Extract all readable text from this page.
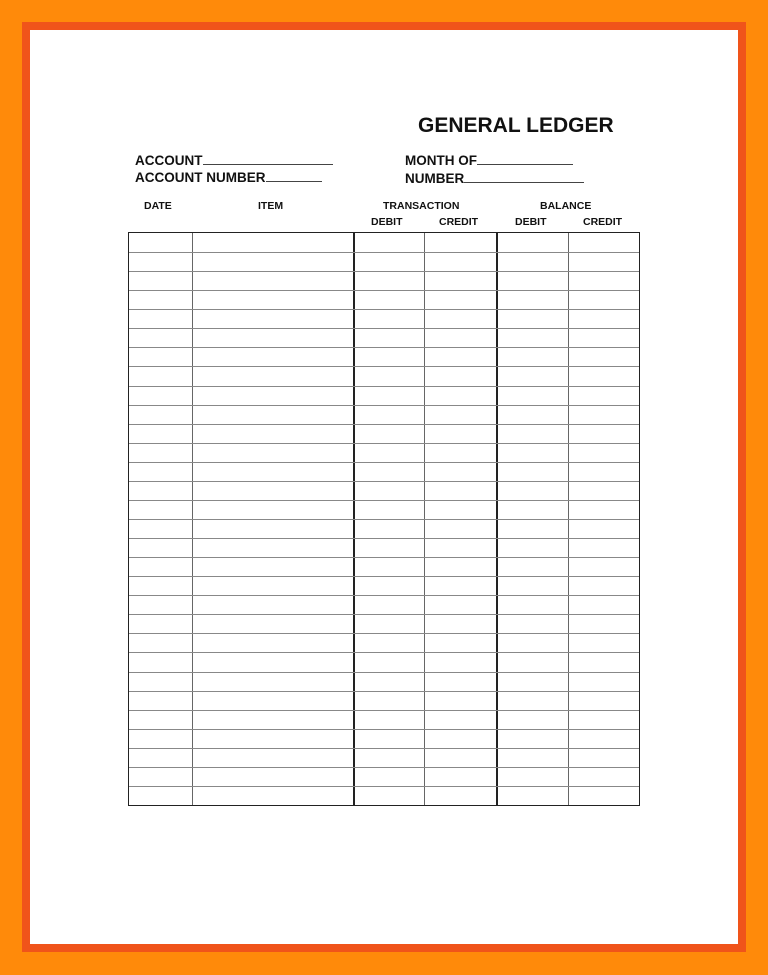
GENERAL LEDGER
ACCOUNT
ACCOUNT NUMBER
MONTH OF
NUMBER
DATE	ITEM	TRANSACTION	BALANCE
DEBIT	CREDIT	DEBIT	CREDIT
